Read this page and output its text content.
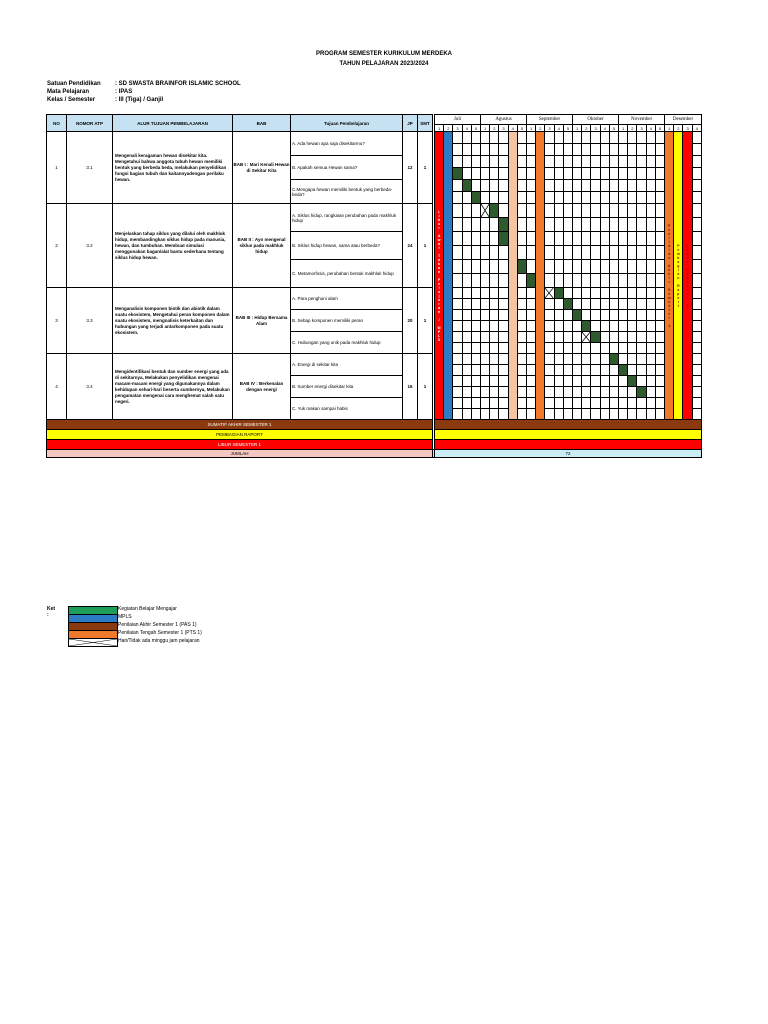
PROGRAM SEMESTER KURIKULUM MERDEKA
TAHUN PELAJARAN 2023/2024
Satuan Pendidikan	: SD SWASTA BRAINFOR ISLAMIC SCHOOL
Mata Pelajaran	: IPAS
Kelas / Semester	: III (Tiga) / Ganjil
NO	NOMOR ATP	ALUR TUJUAN PEMBELAJARAN	BAB	Tujuan Pembelajaran	JP	SMT		Juli					Agustus					September					Oktober					November					Desember			
								1	2	3	4	5	1	2	3	4	5	1	2	3	4	5	1	2	3	4	5	1	2	3	4	5	1	2	3	4
1	3.1	Mengenali keragaman hewan disekitar kita. Mengetahui bahwa anggota tubuh hewan memiliki bentuk yang berbeda beda, melakukan penyelidikan fungsi bagian tubuh dan kaitannyadengan perilaku hewan.	BAB I : Mari Kenali Hewan di Sekitar Kita	A. Ada hewan apa saja disekitarmu?	12	1		Libur Awal Tahun Pelajaran / MPLS																									Penilaian Akhir Semester 1	Pembagian Raport	Libur Semester 1	

				B. Apakah semua Hewan sama?																																

				C.Mengapa hewan memiliki bentuk yang berbeda-beda?																																

2	3.2	Menjelaskan tahap siklus yang dilalui oleh makhluk hidup, membandingkan siklus hidup pada manusia, hewan, dan tumbuhan. Membuat simulasi menggunakan bagan/alat bantu sederhana tentang siklus hidup hewan.	BAB II : Ayo mengenal siklus pada makhluk hidup	A. Siklus hidup, rangkaian perubahan pada makhluk hidup	24	1				

				B. Siklus hidup hewan, sama atau berbeda?																																

				C. Metamorfosis, perubahan bentuk makhluk hidup																																

3	3.3	Menganalisis komponen biotik dan abiotik dalam suatu ekosistem, Mengetahui peran komponen dalam suatu ekosistem, mengnalisis keterkaitan dan hubungan yang terjadi antarkomponen pada suatu ekosistem.	BAB III : Hidup Bersama Alam	A. Para penghuni alam	20	1									

				B. Sebap komponen memiliki peran																																

				C. Hubungan yang unik pada makhluk hidup													

4	3.4	Mengidentifikasi bentuk dan sumber energi yang ada di sekitarnya, Melakukan penyelidikan mengenai macam-macam energi yang digunakannya dalam kehidupan sehari-hari beserta sumbernya, Melakukan pengamatan mengenai cara menghemat salah satu negeri.	BAB IV : Berkenalan dengan energi	A. Energi di sekitar kita	16	1																														

				B. Sumber energi disekitar kita																																

				C. Yuk makan sampai habis																																

SUMATIF AKHIR SEMESTER 1																																				
PEMBAGIAN RAPORT																																				
LIBUR SEMESTER 1																																				
JUMLAH								72																												
Ket :
Kegiatan Belajar Mengajar
MPLS
Penilaian Akhir Semester 1 (PAS 1)
Penilaian Tengah Semester 1 (PTS 1)
Hari/Tidak ada minggu jam pelajaran
